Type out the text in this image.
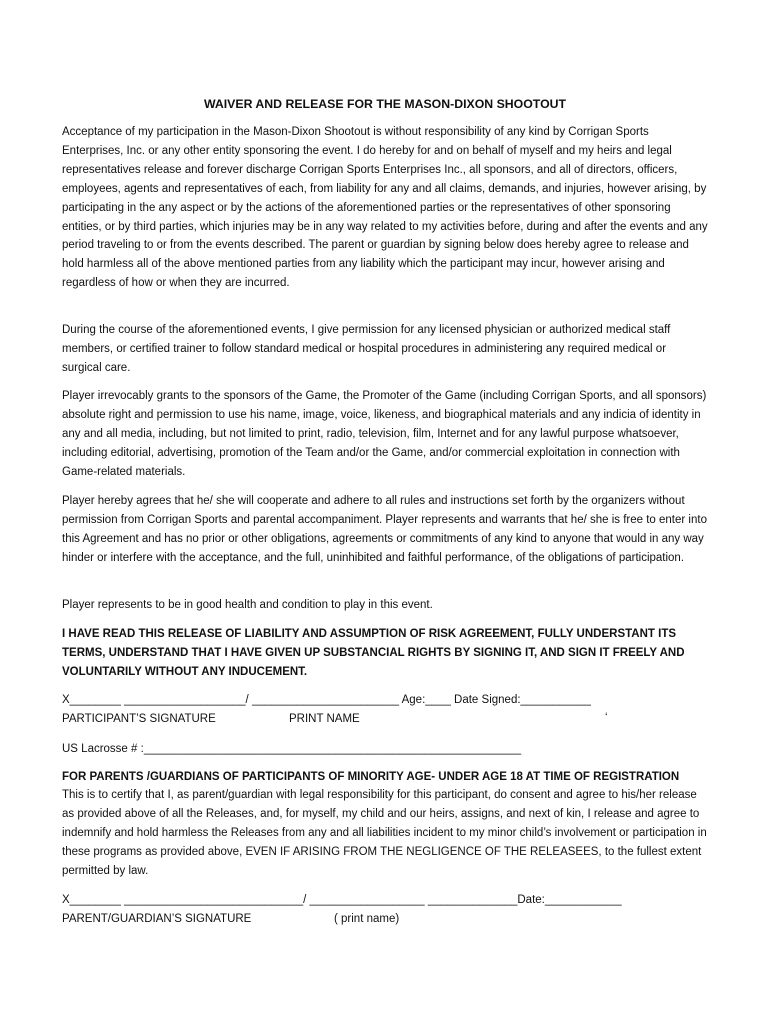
WAIVER AND RELEASE FOR THE MASON-DIXON SHOOTOUT

Acceptance of my participation in the Mason-Dixon Shootout is without responsibility of any kind by Corrigan Sports Enterprises, Inc. or any other entity sponsoring the event. I do hereby for and on behalf of myself and my heirs and legal representatives release and forever discharge Corrigan Sports Enterprises Inc., all sponsors, and all of directors, officers, employees, agents and representatives of each, from liability for any and all claims, demands, and injuries, however arising, by participating in the any aspect or by the actions of the aforementioned parties or the representatives of other sponsoring entities, or by third parties, which injuries may be in any way related to my activities before, during and after the events and any period traveling to or from the events described. The parent or guardian by signing below does hereby agree to release and hold harmless all of the above mentioned parties from any liability which the participant may incur, however arising and regardless of how or when they are incurred.

During the course of the aforementioned events, I give permission for any licensed physician or authorized medical staff members, or certified trainer to follow standard medical or hospital procedures in administering any required medical or surgical care.

Player irrevocably grants to the sponsors of the Game, the Promoter of the Game (including Corrigan Sports, and all sponsors) absolute right and permission to use his name, image, voice, likeness, and biographical materials and any indicia of identity in any and all media, including, but not limited to print, radio, television, film, Internet and for any lawful purpose whatsoever, including editorial, advertising, promotion of the Team and/or the Game, and/or commercial exploitation in connection with Game-related materials.

Player hereby agrees that he/ she will cooperate and adhere to all rules and instructions set forth by the organizers without permission from Corrigan Sports and parental accompaniment. Player represents and warrants that he/ she is free to enter into this Agreement and has no prior or other obligations, agreements or commitments of any kind to anyone that would in any way hinder or interfere with the acceptance, and the full, uninhibited and faithful performance, of the obligations of participation.

Player represents to be in good health and condition to play in this event.

I HAVE READ THIS RELEASE OF LIABILITY AND ASSUMPTION OF RISK AGREEMENT, FULLY UNDERSTANT ITS TERMS, UNDERSTAND THAT I HAVE GIVEN UP SUBSTANCIAL RIGHTS BY SIGNING IT, AND SIGN IT FREELY AND VOLUNTARILY WITHOUT ANY INDUCEMENT.

X________ ___________________/ _______________________ Age:____ Date Signed:___________
PARTICIPANT’S SIGNATURE	PRINT NAME	‘
US Lacrosse # :___________________________________________________________
FOR PARENTS /GUARDIANS OF PARTICIPANTS OF MINORITY AGE- UNDER AGE 18 AT TIME OF REGISTRATION

This is to certify that I, as parent/guardian with legal responsibility for this participant, do consent and agree to his/her release as provided above of all the Releases, and, for myself, my child and our heirs, assigns, and next of kin, I release and agree to indemnify and hold harmless the Releases from any and all liabilities incident to my minor child’s involvement or participation in these programs as provided above, EVEN IF ARISING FROM THE NEGLIGENCE OF THE RELEASEES, to the fullest extent permitted by law.

X________ ____________________________/ __________________ ______________Date:____________
PARENT/GUARDIAN’S SIGNATURE	( print name)
